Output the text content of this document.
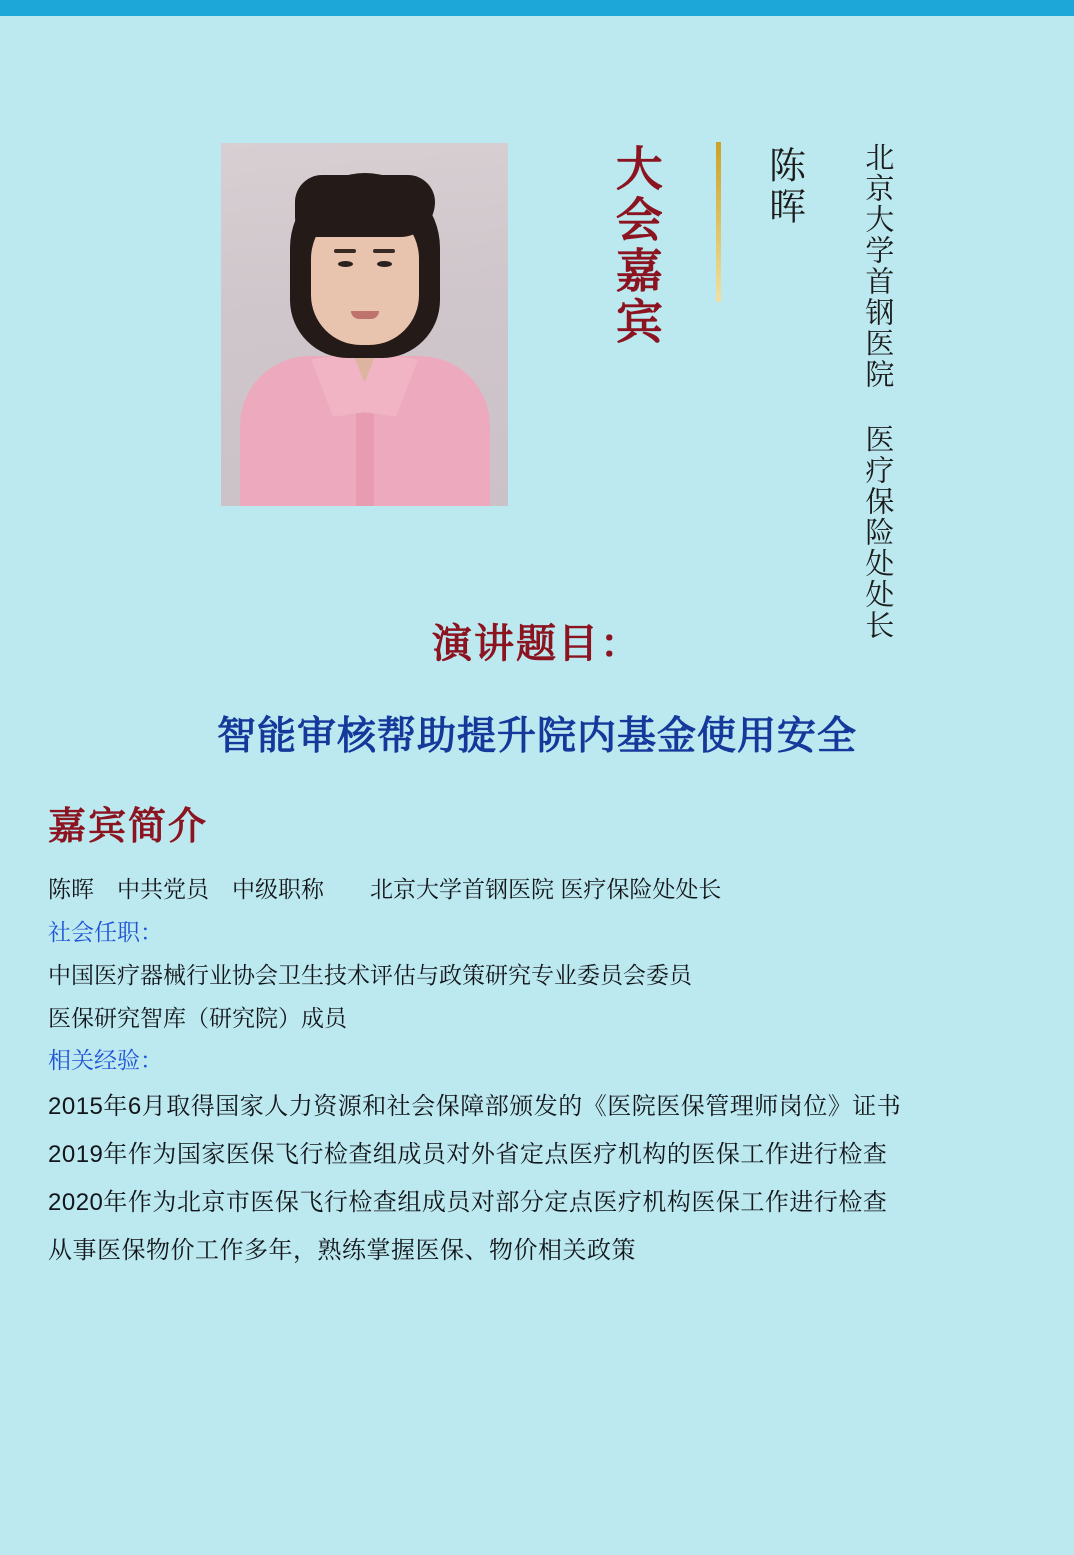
大会嘉宾	陈晖 北京大学首钢医院 医疗保险处处长
演讲题目：
智能审核帮助提升院内基金使用安全
嘉宾简介
陈晖　中共党员　中级职称　　北京大学首钢医院 医疗保险处处长
社会任职：
中国医疗器械行业协会卫生技术评估与政策研究专业委员会委员
医保研究智库（研究院）成员
相关经验：
2015年6月取得国家人力资源和社会保障部颁发的《医院医保管理师岗位》证书
2019年作为国家医保飞行检查组成员对外省定点医疗机构的医保工作进行检查
2020年作为北京市医保飞行检查组成员对部分定点医疗机构医保工作进行检查
从事医保物价工作多年，熟练掌握医保、物价相关政策
